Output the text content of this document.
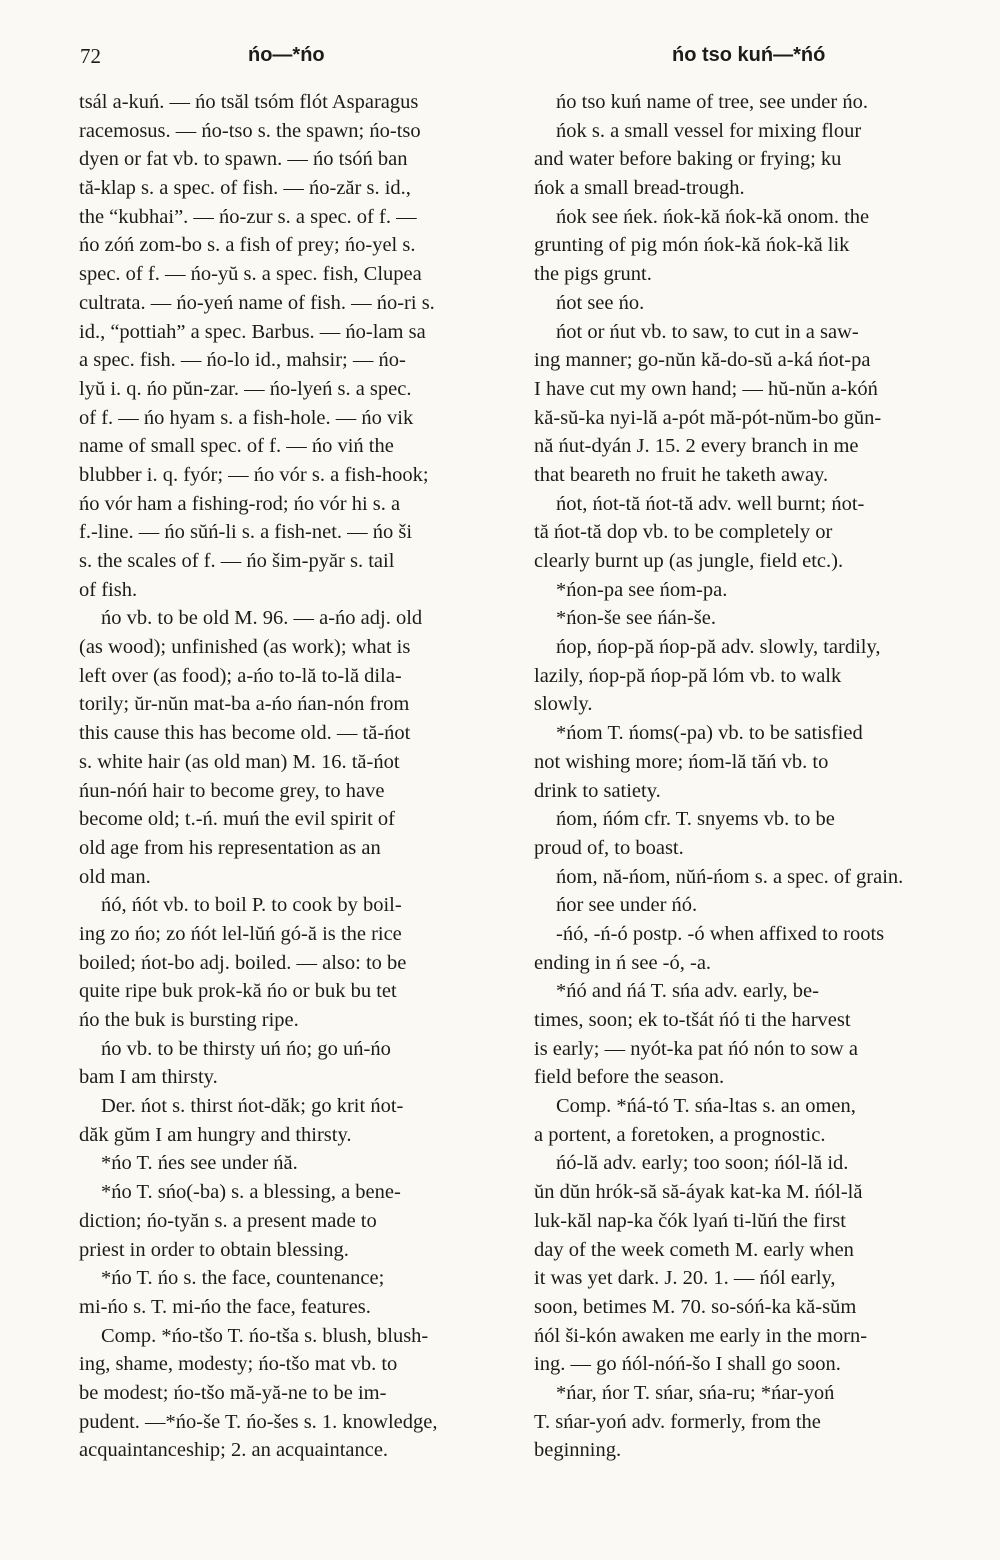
72	ńo—*ńo	ńo tso kuń—*ńó
tsál a-kuń. — ńo tsăl tsóm flót Asparagus
racemosus. — ńo-tso s. the spawn; ńo-tso
dyen or fat vb. to spawn. — ńo tsóń ban
tă-klap s. a spec. of fish. — ńo-zăr s. id.,
the “kubhai”. — ńo-zur s. a spec. of f. —
ńo zóń zom-bo s. a fish of prey; ńo-yel s.
spec. of f. — ńo-yŭ s. a spec. fish, Clupea
cultrata. — ńo-yeń name of fish. — ńo-ri s.
id., “pottiah” a spec. Barbus. — ńo-lam sa
a spec. fish. — ńo-lo id., mahsir; — ńo-
lyŭ i. q. ńo pŭn-zar. — ńo-lyeń s. a spec.
of f. — ńo hyam s. a fish-hole. — ńo vik
name of small spec. of f. — ńo viń the
blubber i. q. fyór; — ńo vór s. a fish-hook;
ńo vór ham a fishing-rod; ńo vór hi s. a
f.-line. — ńo sŭń-li s. a fish-net. — ńo ši
s. the scales of f. — ńo šim-pyăr s. tail
of fish.
ńo vb. to be old M. 96. — a-ńo adj. old
(as wood); unfinished (as work); what is
left over (as food); a-ńo to-lă to-lă dila-
torily; ŭr-nŭn mat-ba a-ńo ńan-nón from
this cause this has become old. — tă-ńot
s. white hair (as old man) M. 16. tă-ńot
ńun-nóń hair to become grey, to have
become old; t.-ń. muń the evil spirit of
old age from his representation as an
old man.
ńó, ńót vb. to boil P. to cook by boil-
ing zo ńo; zo ńót lel-lŭń gó-ă is the rice
boiled; ńot-bo adj. boiled. — also: to be
quite ripe buk prok-kă ńo or buk bu tet
ńo the buk is bursting ripe.
ńo vb. to be thirsty uń ńo; go uń-ńo
bam I am thirsty.
Der. ńot s. thirst ńot-dăk; go krit ńot-
dăk gŭm I am hungry and thirsty.
*ńo T. ńes see under ńă.
*ńo T. sńo(-ba) s. a blessing, a bene-
diction; ńo-tyăn s. a present made to
priest in order to obtain blessing.
*ńo T. ńo s. the face, countenance;
mi-ńo s. T. mi-ńo the face, features.
Comp. *ńo-tšo T. ńo-tša s. blush, blush-
ing, shame, modesty; ńo-tšo mat vb. to
be modest; ńo-tšo mă-yă-ne to be im-
pudent. —*ńo-še T. ńo-šes s. 1. knowledge,
acquaintanceship; 2. an acquaintance.
ńo tso kuń name of tree, see under ńo.
ńok s. a small vessel for mixing flour
and water before baking or frying; ku
ńok a small bread-trough.
ńok see ńek. ńok-kă ńok-kă onom. the
grunting of pig món ńok-kă ńok-kă lik
the pigs grunt.
ńot see ńo.
ńot or ńut vb. to saw, to cut in a saw-
ing manner; go-nŭn kă-do-sŭ a-ká ńot-pa
I have cut my own hand; — hŭ-nŭn a-kóń
kă-sŭ-ka nyi-lă a-pót mă-pót-nŭm-bo gŭn-
nă ńut-dyán J. 15. 2 every branch in me
that beareth no fruit he taketh away.
ńot, ńot-tă ńot-tă adv. well burnt; ńot-
tă ńot-tă dop vb. to be completely or
clearly burnt up (as jungle, field etc.).
*ńon-pa see ńom-pa.
*ńon-še see ńán-še.
ńop, ńop-pă ńop-pă adv. slowly, tardily,
lazily, ńop-pă ńop-pă lóm vb. to walk
slowly.
*ńom T. ńoms(-pa) vb. to be satisfied
not wishing more; ńom-lă tăń vb. to
drink to satiety.
ńom, ńóm cfr. T. snyems vb. to be
proud of, to boast.
ńom, nă-ńom, nŭń-ńom s. a spec. of grain.
ńor see under ńó.
-ńó, -ń-ó postp. -ó when affixed to roots
ending in ń see -ó, -a.
*ńó and ńá T. sńa adv. early, be-
times, soon; ek to-tšát ńó ti the harvest
is early; — nyót-ka pat ńó nón to sow a
field before the season.
Comp. *ńá-tó T. sńa-ltas s. an omen,
a portent, a foretoken, a prognostic.
ńó-lă adv. early; too soon; ńól-lă id.
ŭn dŭn hrók-să să-áyak kat-ka M. ńól-lă
luk-kăl nap-ka čók lyań ti-lŭń the first
day of the week cometh M. early when
it was yet dark. J. 20. 1. — ńól early,
soon, betimes M. 70. so-sóń-ka kă-sŭm
ńól ši-kón awaken me early in the morn-
ing. — go ńól-nóń-šo I shall go soon.
*ńar, ńor T. sńar, sńa-ru; *ńar-yoń
T. sńar-yoń adv. formerly, from the
beginning.
